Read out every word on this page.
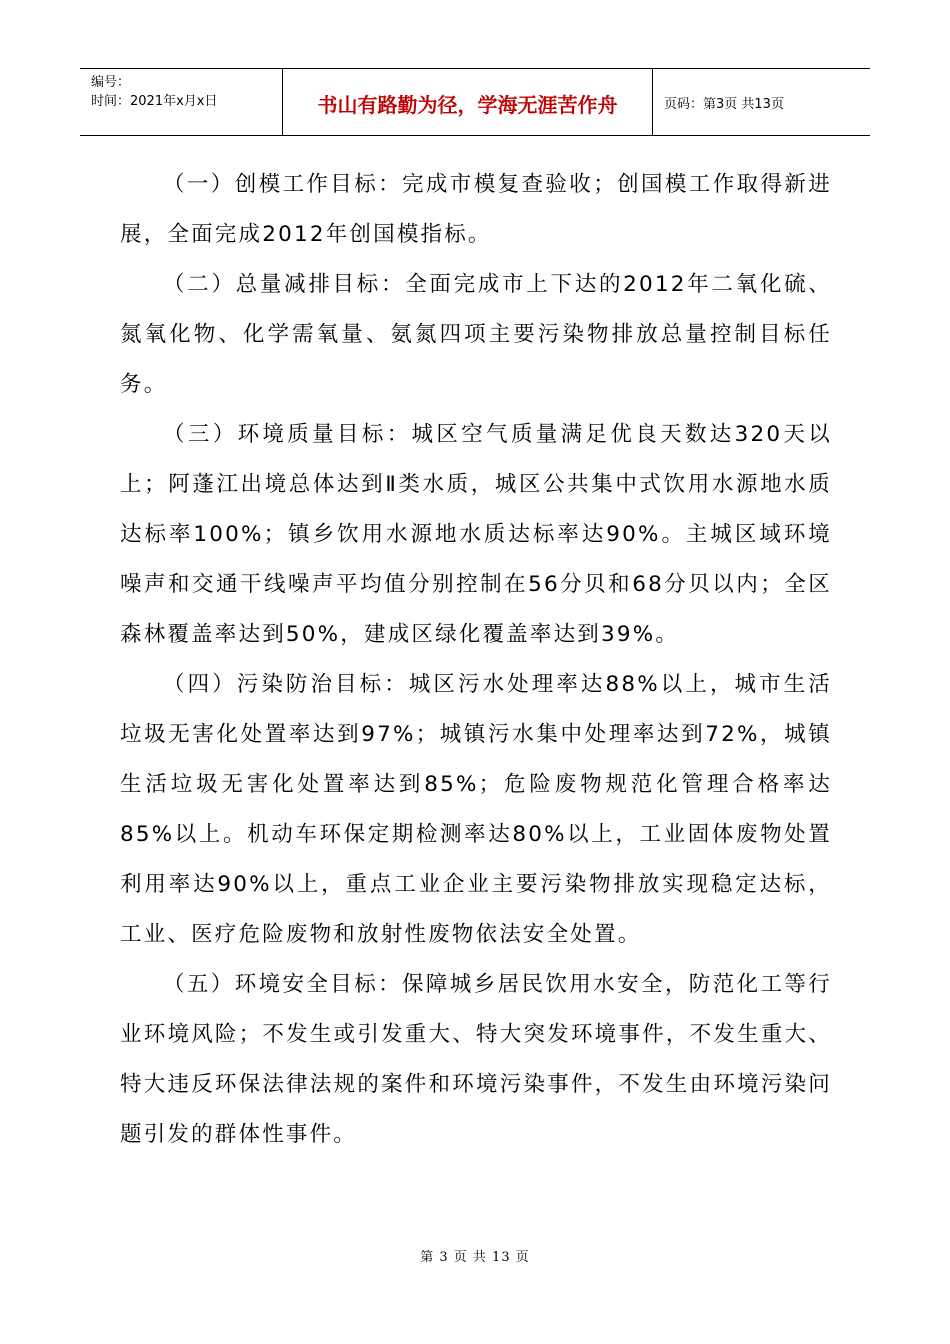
编号：
时间：2021年x月x日	书山有路勤为径，学海无涯苦作舟	页码：第3页 共13页

（一）创模工作目标：完成市模复查验收；创国模工作取得新进展，全面完成2012年创国模指标。

（二）总量减排目标：全面完成市上下达的2012年二氧化硫、氮氧化物、化学需氧量、氨氮四项主要污染物排放总量控制目标任务。

（三）环境质量目标：城区空气质量满足优良天数达320天以上；阿蓬江出境总体达到Ⅱ类水质，城区公共集中式饮用水源地水质达标率100%；镇乡饮用水源地水质达标率达90%。主城区域环境噪声和交通干线噪声平均值分别控制在56分贝和68分贝以内；全区森林覆盖率达到50%，建成区绿化覆盖率达到39%。

（四）污染防治目标：城区污水处理率达88%以上，城市生活垃圾无害化处置率达到97%；城镇污水集中处理率达到72%，城镇生活垃圾无害化处置率达到85%；危险废物规范化管理合格率达85%以上。机动车环保定期检测率达80%以上，工业固体废物处置利用率达90%以上，重点工业企业主要污染物排放实现稳定达标，工业、医疗危险废物和放射性废物依法安全处置。

（五）环境安全目标：保障城乡居民饮用水安全，防范化工等行业环境风险；不发生或引发重大、特大突发环境事件，不发生重大、特大违反环保法律法规的案件和环境污染事件，不发生由环境污染问题引发的群体性事件。

第 3 页 共 13 页
